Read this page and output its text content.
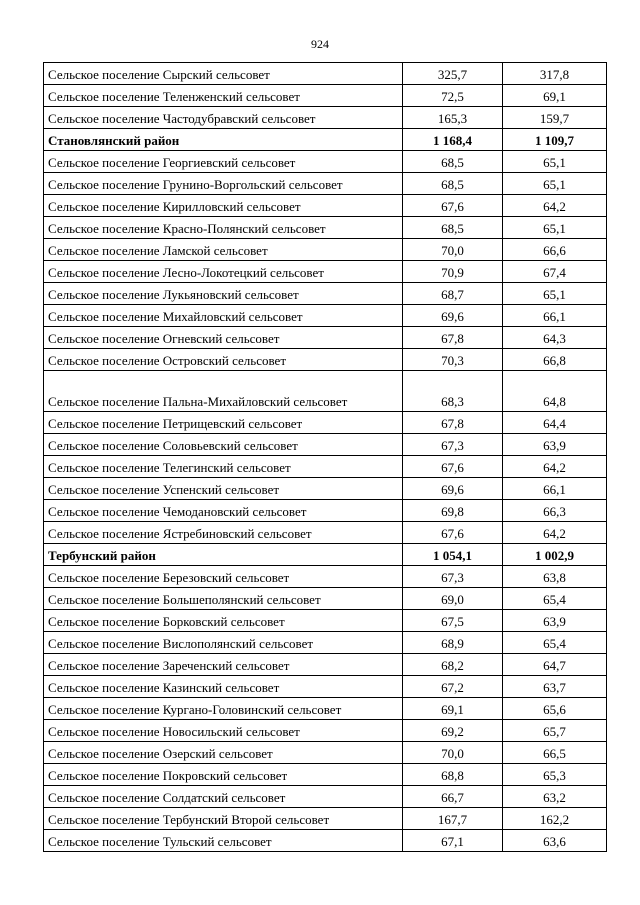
924
Сельское поселение Сырский сельсовет	325,7	317,8
Сельское поселение Теленженский сельсовет	72,5	69,1
Сельское поселение Частодубравский сельсовет	165,3	159,7
Становлянский район	1 168,4	1 109,7
Сельское поселение Георгиевский сельсовет	68,5	65,1
Сельское поселение Грунино-Воргольский сельсовет	68,5	65,1
Сельское поселение Кирилловский сельсовет	67,6	64,2
Сельское поселение Красно-Полянский сельсовет	68,5	65,1
Сельское поселение Ламской сельсовет	70,0	66,6
Сельское поселение Лесно-Локотецкий сельсовет	70,9	67,4
Сельское поселение Лукьяновский сельсовет	68,7	65,1
Сельское поселение Михайловский сельсовет	69,6	66,1
Сельское поселение Огневский сельсовет	67,8	64,3
Сельское поселение Островский сельсовет	70,3	66,8
Сельское поселение Пальна-Михайловский сельсовет	68,3	64,8
Сельское поселение Петрищевский сельсовет	67,8	64,4
Сельское поселение Соловьевский сельсовет	67,3	63,9
Сельское поселение Телегинский сельсовет	67,6	64,2
Сельское поселение Успенский сельсовет	69,6	66,1
Сельское поселение Чемодановский сельсовет	69,8	66,3
Сельское поселение Ястребиновский сельсовет	67,6	64,2
Тербунский район	1 054,1	1 002,9
Сельское поселение Березовский сельсовет	67,3	63,8
Сельское поселение Большеполянский сельсовет	69,0	65,4
Сельское поселение Борковский сельсовет	67,5	63,9
Сельское поселение Вислополянский сельсовет	68,9	65,4
Сельское поселение Зареченский сельсовет	68,2	64,7
Сельское поселение Казинский сельсовет	67,2	63,7
Сельское поселение Кургано-Головинский сельсовет	69,1	65,6
Сельское поселение Новосильский сельсовет	69,2	65,7
Сельское поселение Озерский сельсовет	70,0	66,5
Сельское поселение Покровский сельсовет	68,8	65,3
Сельское поселение Солдатский сельсовет	66,7	63,2
Сельское поселение Тербунский Второй сельсовет	167,7	162,2
Сельское поселение Тульский сельсовет	67,1	63,6
